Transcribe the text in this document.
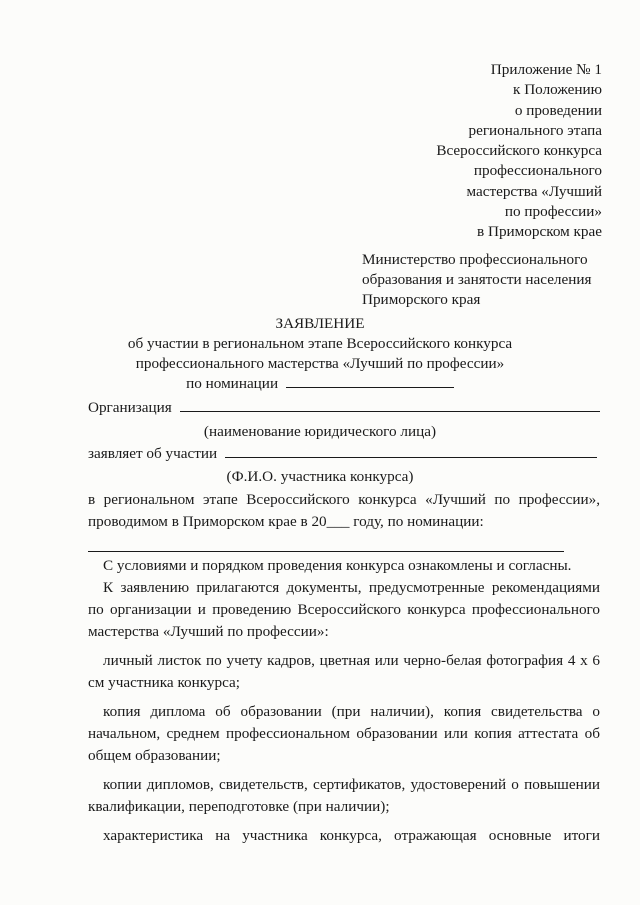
Приложение № 1
к Положению
о проведении
регионального этапа
Всероссийского конкурса
профессионального
мастерства «Лучший
по профессии»
в Приморском крае
Министерство профессионального
образования и занятости населения
Приморского края
ЗАЯВЛЕНИЕ
об участии в региональном этапе Всероссийского конкурса
профессионального мастерства «Лучший по профессии»
по номинации
Организация
(наименование юридического лица)
заявляет об участии
(Ф.И.О. участника конкурса)

в региональном этапе Всероссийского конкурса «Лучший по профессии»,

проводимом в Приморском крае в 20___ году, по номинации:

С условиями и порядком проведения конкурса ознакомлены и согласны.

К заявлению прилагаются документы, предусмотренные рекомендациями по организации и проведению Всероссийского конкурса профессионального мастерства «Лучший по профессии»:

личный листок по учету кадров, цветная или черно-белая фотография 4 х 6 см участника конкурса;

копия диплома об образовании (при наличии), копия свидетельства о начальном, среднем профессиональном образовании или копия аттестата об общем образовании;

копии дипломов, свидетельств, сертификатов, удостоверений о повышении квалификации, переподготовке (при наличии);

характеристика на участника конкурса, отражающая основные итоги
